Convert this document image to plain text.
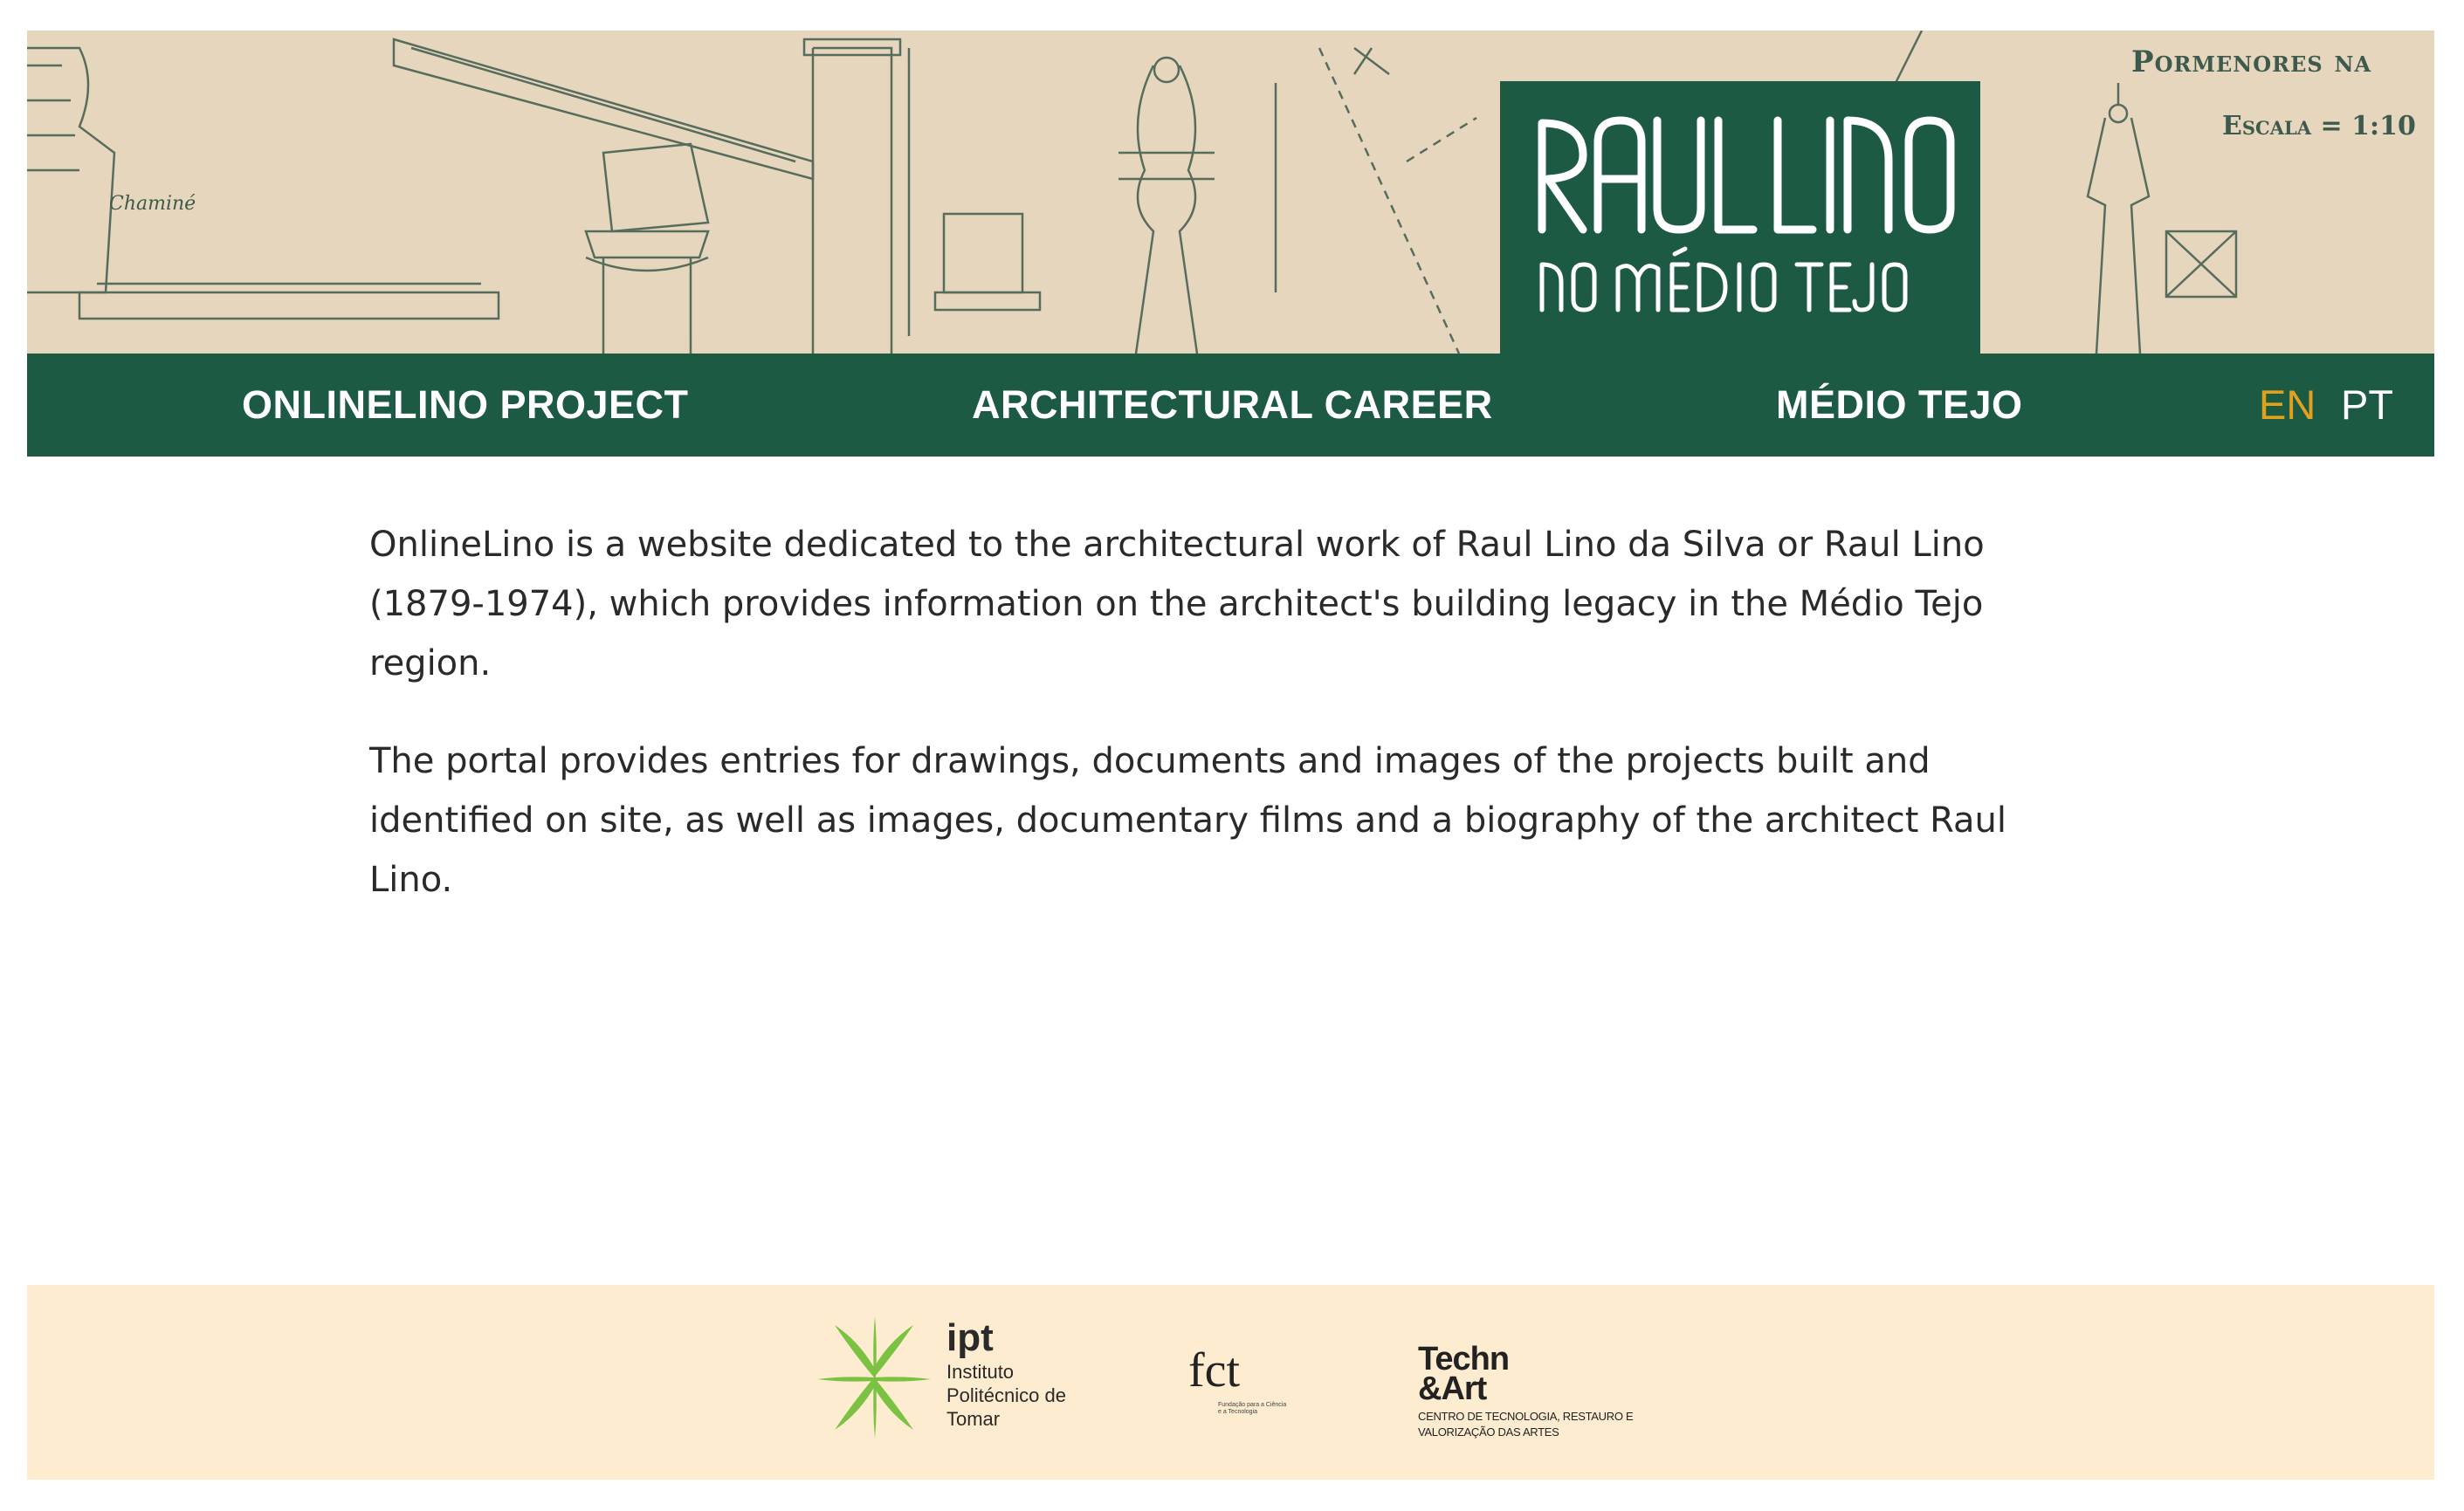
Pormenores na
Escala = 1:10
Chaminé
ONLINELINO PROJECT	ARCHITECTURAL CAREER	MÉDIO TEJO	EN PT

OnlineLino is a website dedicated to the architectural work of Raul Lino da Silva or Raul Lino (1879-1974), which provides information on the architect's building legacy in the Médio Tejo region.

The portal provides entries for drawings, documents and images of the projects built and identified on site, as well as images, documentary films and a biography of the architect Raul Lino.

ipt
Instituto Politécnico de Tomar
fct
Fundação para a Ciência e a Tecnologia
Techn
&Art
CENTRO DE TECNOLOGIA, RESTAURO E VALORIZAÇÃO DAS ARTES
